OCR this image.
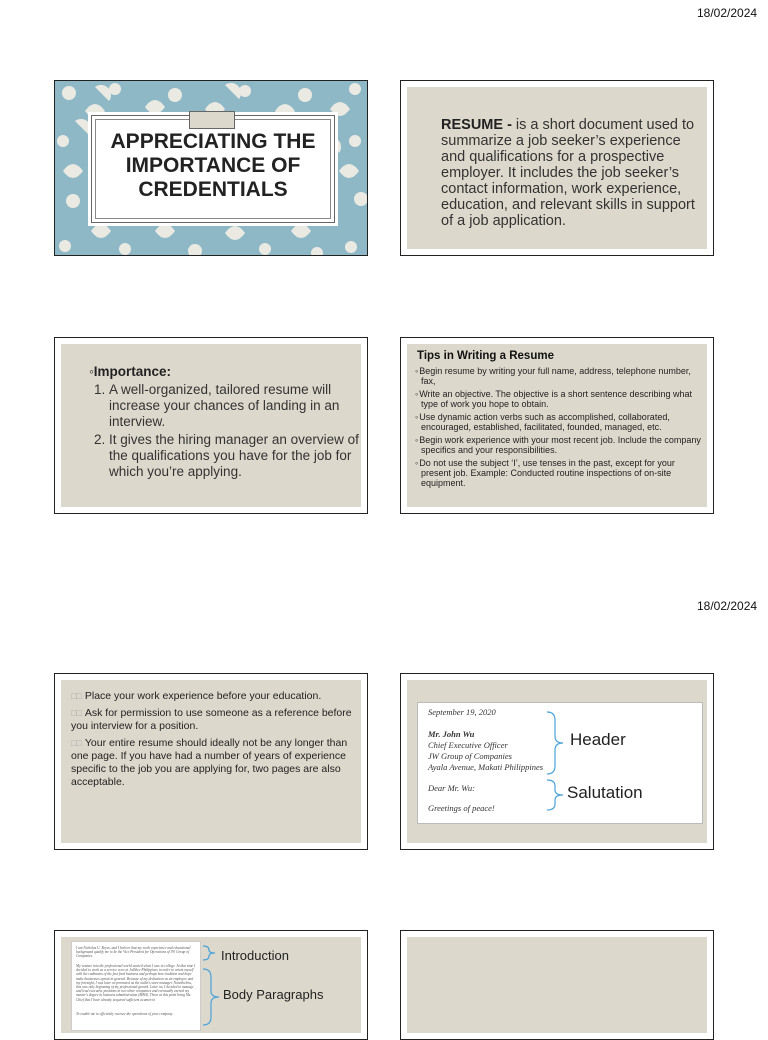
18/02/2024
18/02/2024
APPRECIATING THE
IMPORTANCE OF
CREDENTIALS
RESUME - is a short document used to summarize a job seeker’s experience and qualifications for a prospective employer. It includes the job seeker’s contact information, work experience, education, and relevant skills in support of a job application.
◦Importance:
1. A well-organized, tailored resume will increase your chances of landing in an interview.
2. It gives the hiring manager an overview of the qualifications you have for the job for which you’re applying.
Tips in Writing a Resume
◦ Begin resume by writing your full name, address, telephone number, fax,
◦ Write an objective. The objective is a short sentence describing what type of work you hope to obtain.
◦ Use dynamic action verbs such as accomplished, collaborated, encouraged, established, facilitated, founded, managed, etc.
◦ Begin work experience with your most recent job. Include the company specifics and your responsibilities.
◦ Do not use the subject ‘I’, use tenses in the past, except for your present job. Example: Conducted routine inspections of on-site equipment.
□□ Place your work experience before your education.
□□ Ask for permission to use someone as a reference before you interview for a position.
□□ Your entire resume should ideally not be any longer than one page. If you have had a number of years of experience specific to the job you are applying for, two pages are also acceptable.
September 19, 2020
Mr. John Wu
Chief Executive Officer
JW Group of Companies
Ayala Avenue, Makati Philippines
Dear Mr. Wu:
Greetings of peace!
Header
Salutation
I am Nicholas U. Reyes, and I believe that my work experience and educational background qualify me to be the Vice President for Operations of JW Group of Companies.
My venture into the professional world started when I was in college. At that time I decided to work as a service crew at Jollibee Philippines in order to orient myself with the rudiments of the fast food business and perhaps how tradition and hope make businesses sprout in general. Because of my dedication as an employee and my foresight, I was later on promoted as the outlet's store manager. Nonetheless, this was only beginning of my professional growth. Later on, I decided to manage and lead executive positions in two other companies and eventually earned my master's degree in business administration (MBA). These at this point bring Ms. Chief that I have already acquired sufficient acumen to
To enable me to efficiently oversee the operations of your company.
Introduction
Body Paragraphs
